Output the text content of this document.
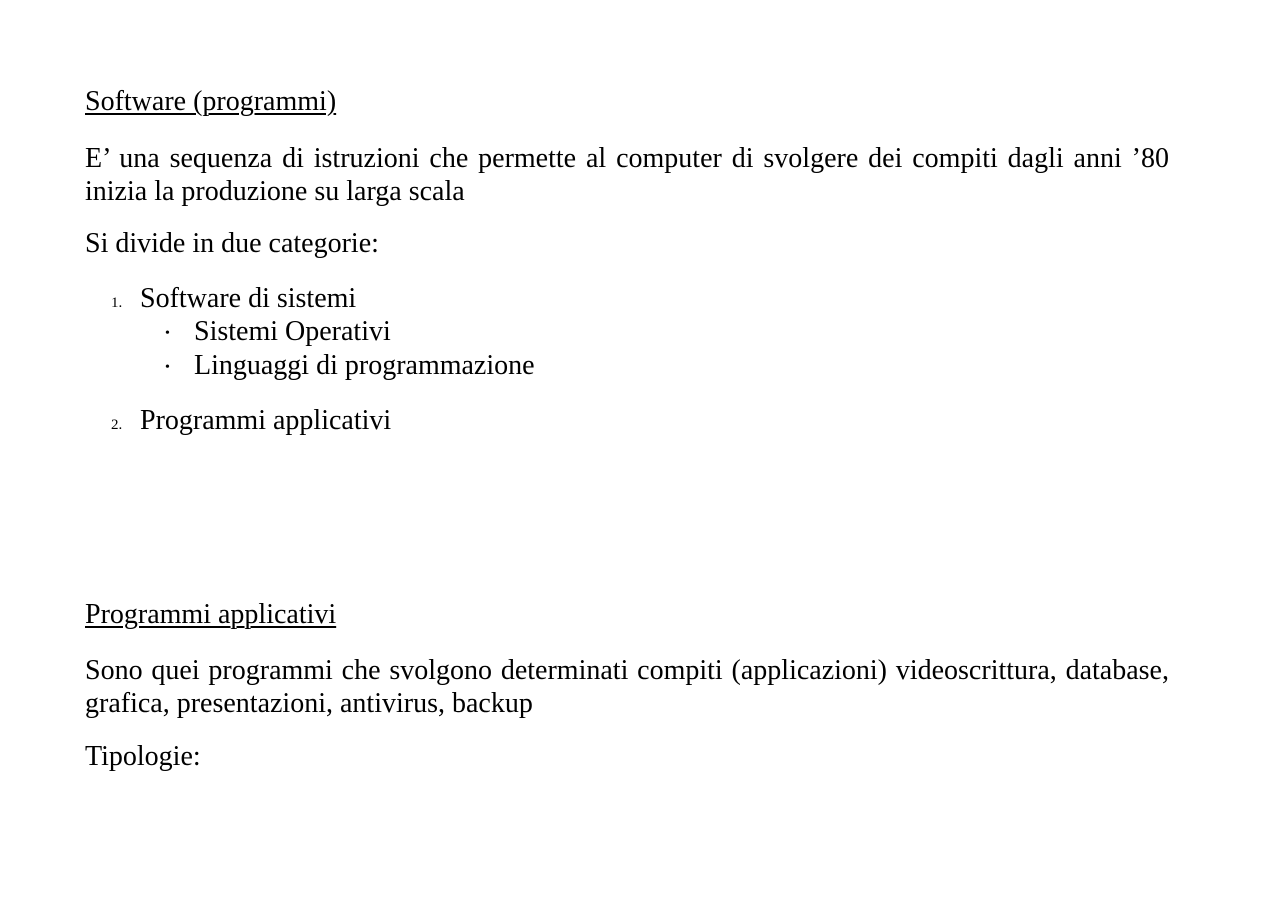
Software (programmi)
E’ una sequenza di istruzioni che permette al computer di svolgere dei compiti dagli anni ’80 inizia la produzione su larga scala
Si divide in due categorie:
1. Software di sistemi
• Sistemi Operativi
• Linguaggi di programmazione
2. Programmi applicativi
Programmi applicativi
Sono quei programmi che svolgono determinati compiti (applicazioni) videoscrittura, database, grafica, presentazioni, antivirus, backup
Tipologie:
